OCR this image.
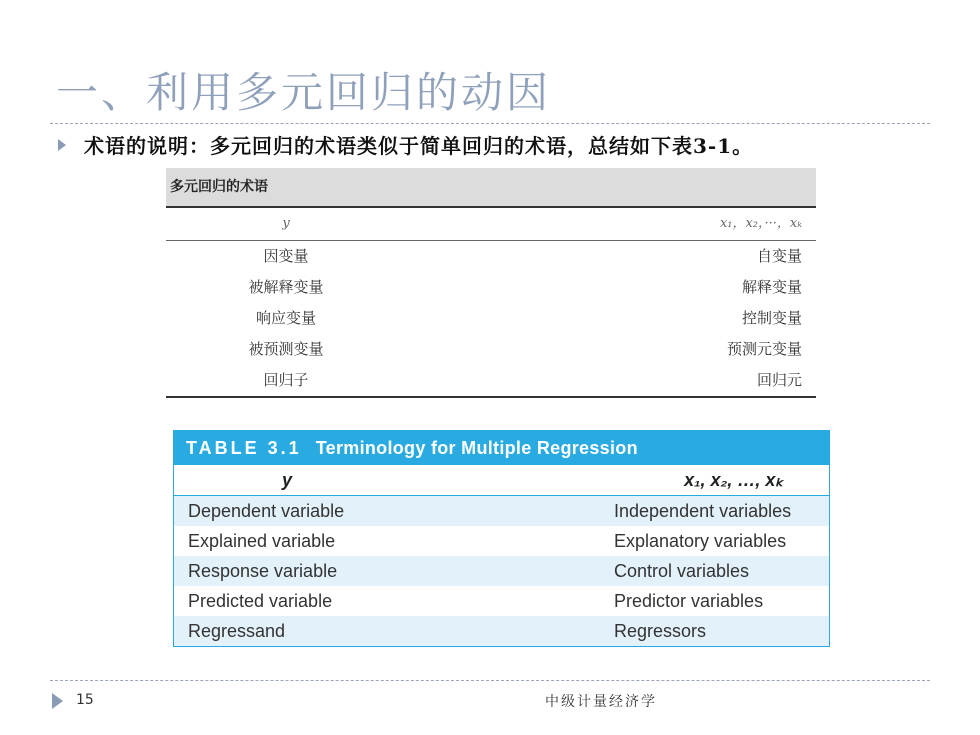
一、利用多元回归的动因
术语的说明：多元回归的术语类似于简单回归的术语，总结如下表3-1。
多元回归的术语
y	x₁，x₂，···，xₖ
因变量	自变量
被解释变量	解释变量
响应变量	控制变量
被预测变量	预测元变量
回归子	回归元
TABLE 3.1 Terminology for Multiple Regression
y	x₁, x₂, …, xₖ
Dependent variable	Independent variables
Explained variable	Explanatory variables
Response variable	Control variables
Predicted variable	Predictor variables
Regressand	Regressors
15	中级计量经济学
